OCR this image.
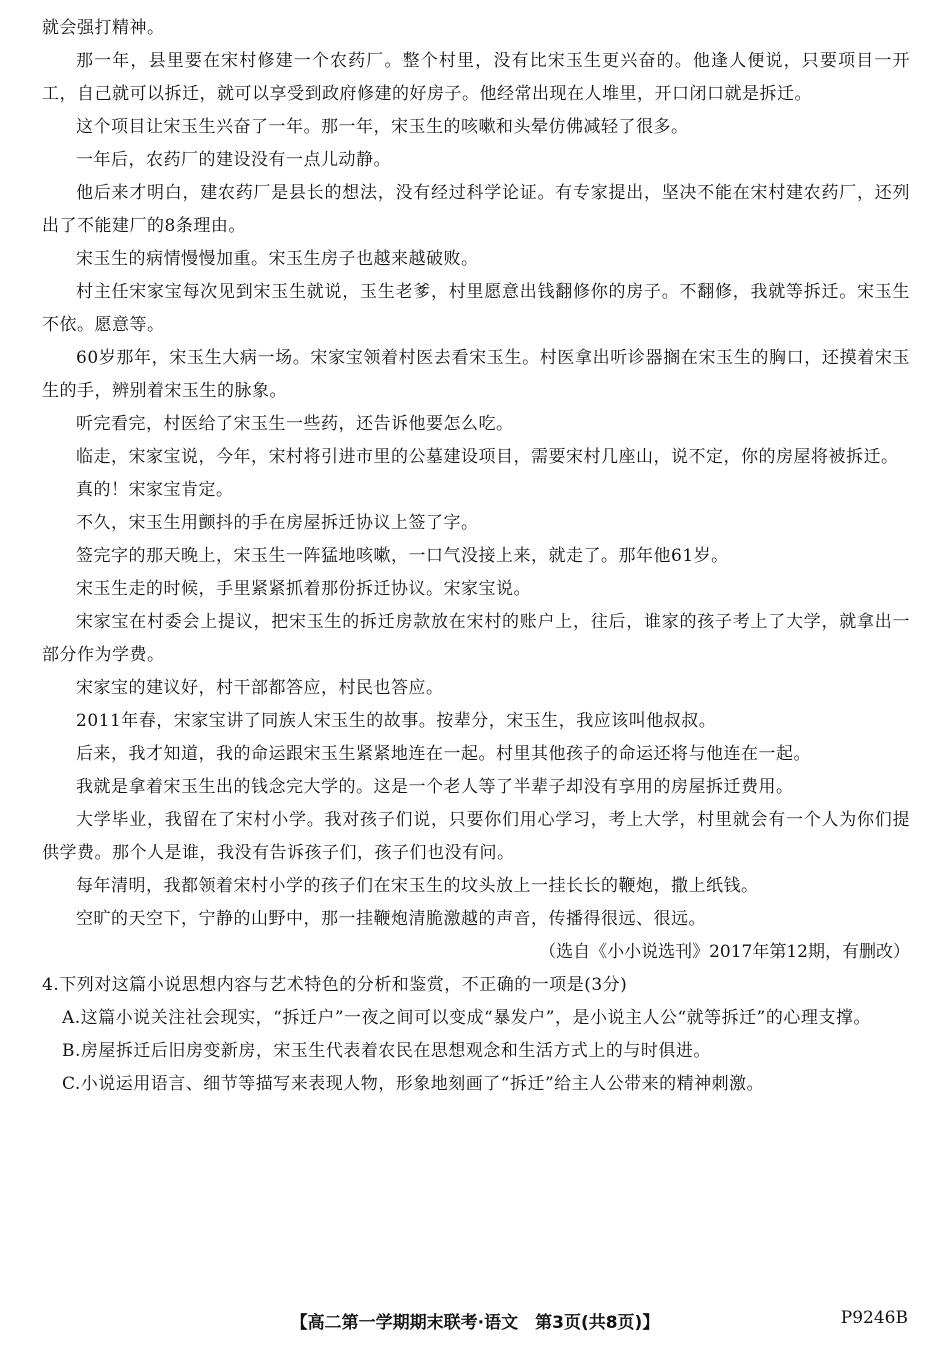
就会强打精神。

那一年，县里要在宋村修建一个农药厂。整个村里，没有比宋玉生更兴奋的。他逢人便说，只要项目一开工，自己就可以拆迁，就可以享受到政府修建的好房子。他经常出现在人堆里，开口闭口就是拆迁。

这个项目让宋玉生兴奋了一年。那一年，宋玉生的咳嗽和头晕仿佛减轻了很多。

一年后，农药厂的建设没有一点儿动静。

他后来才明白，建农药厂是县长的想法，没有经过科学论证。有专家提出，坚决不能在宋村建农药厂，还列出了不能建厂的8条理由。

宋玉生的病情慢慢加重。宋玉生房子也越来越破败。

村主任宋家宝每次见到宋玉生就说，玉生老爹，村里愿意出钱翻修你的房子。不翻修，我就等拆迁。宋玉生不依。愿意等。

60岁那年，宋玉生大病一场。宋家宝领着村医去看宋玉生。村医拿出听诊器搁在宋玉生的胸口，还摸着宋玉生的手，辨别着宋玉生的脉象。

听完看完，村医给了宋玉生一些药，还告诉他要怎么吃。

临走，宋家宝说，今年，宋村将引进市里的公墓建设项目，需要宋村几座山，说不定，你的房屋将被拆迁。

真的！宋家宝肯定。

不久，宋玉生用颤抖的手在房屋拆迁协议上签了字。

签完字的那天晚上，宋玉生一阵猛地咳嗽，一口气没接上来，就走了。那年他61岁。

宋玉生走的时候，手里紧紧抓着那份拆迁协议。宋家宝说。

宋家宝在村委会上提议，把宋玉生的拆迁房款放在宋村的账户上，往后，谁家的孩子考上了大学，就拿出一部分作为学费。

宋家宝的建议好，村干部都答应，村民也答应。

2011年春，宋家宝讲了同族人宋玉生的故事。按辈分，宋玉生，我应该叫他叔叔。

后来，我才知道，我的命运跟宋玉生紧紧地连在一起。村里其他孩子的命运还将与他连在一起。

我就是拿着宋玉生出的钱念完大学的。这是一个老人等了半辈子却没有享用的房屋拆迁费用。

大学毕业，我留在了宋村小学。我对孩子们说，只要你们用心学习，考上大学，村里就会有一个人为你们提供学费。那个人是谁，我没有告诉孩子们，孩子们也没有问。

每年清明，我都领着宋村小学的孩子们在宋玉生的坟头放上一挂长长的鞭炮，撒上纸钱。

空旷的天空下，宁静的山野中，那一挂鞭炮清脆激越的声音，传播得很远、很远。

（选自《小小说选刊》2017年第12期，有删改）

4.下列对这篇小说思想内容与艺术特色的分析和鉴赏，不正确的一项是(3分)

A.这篇小说关注社会现实，“拆迁户”一夜之间可以变成“暴发户”，是小说主人公“就等拆迁”的心理支撑。

B.房屋拆迁后旧房变新房，宋玉生代表着农民在思想观念和生活方式上的与时俱进。

C.小说运用语言、细节等描写来表现人物，形象地刻画了“拆迁”给主人公带来的精神刺激。

【高二第一学期期末联考·语文　第3页(共8页)】	P9246B
